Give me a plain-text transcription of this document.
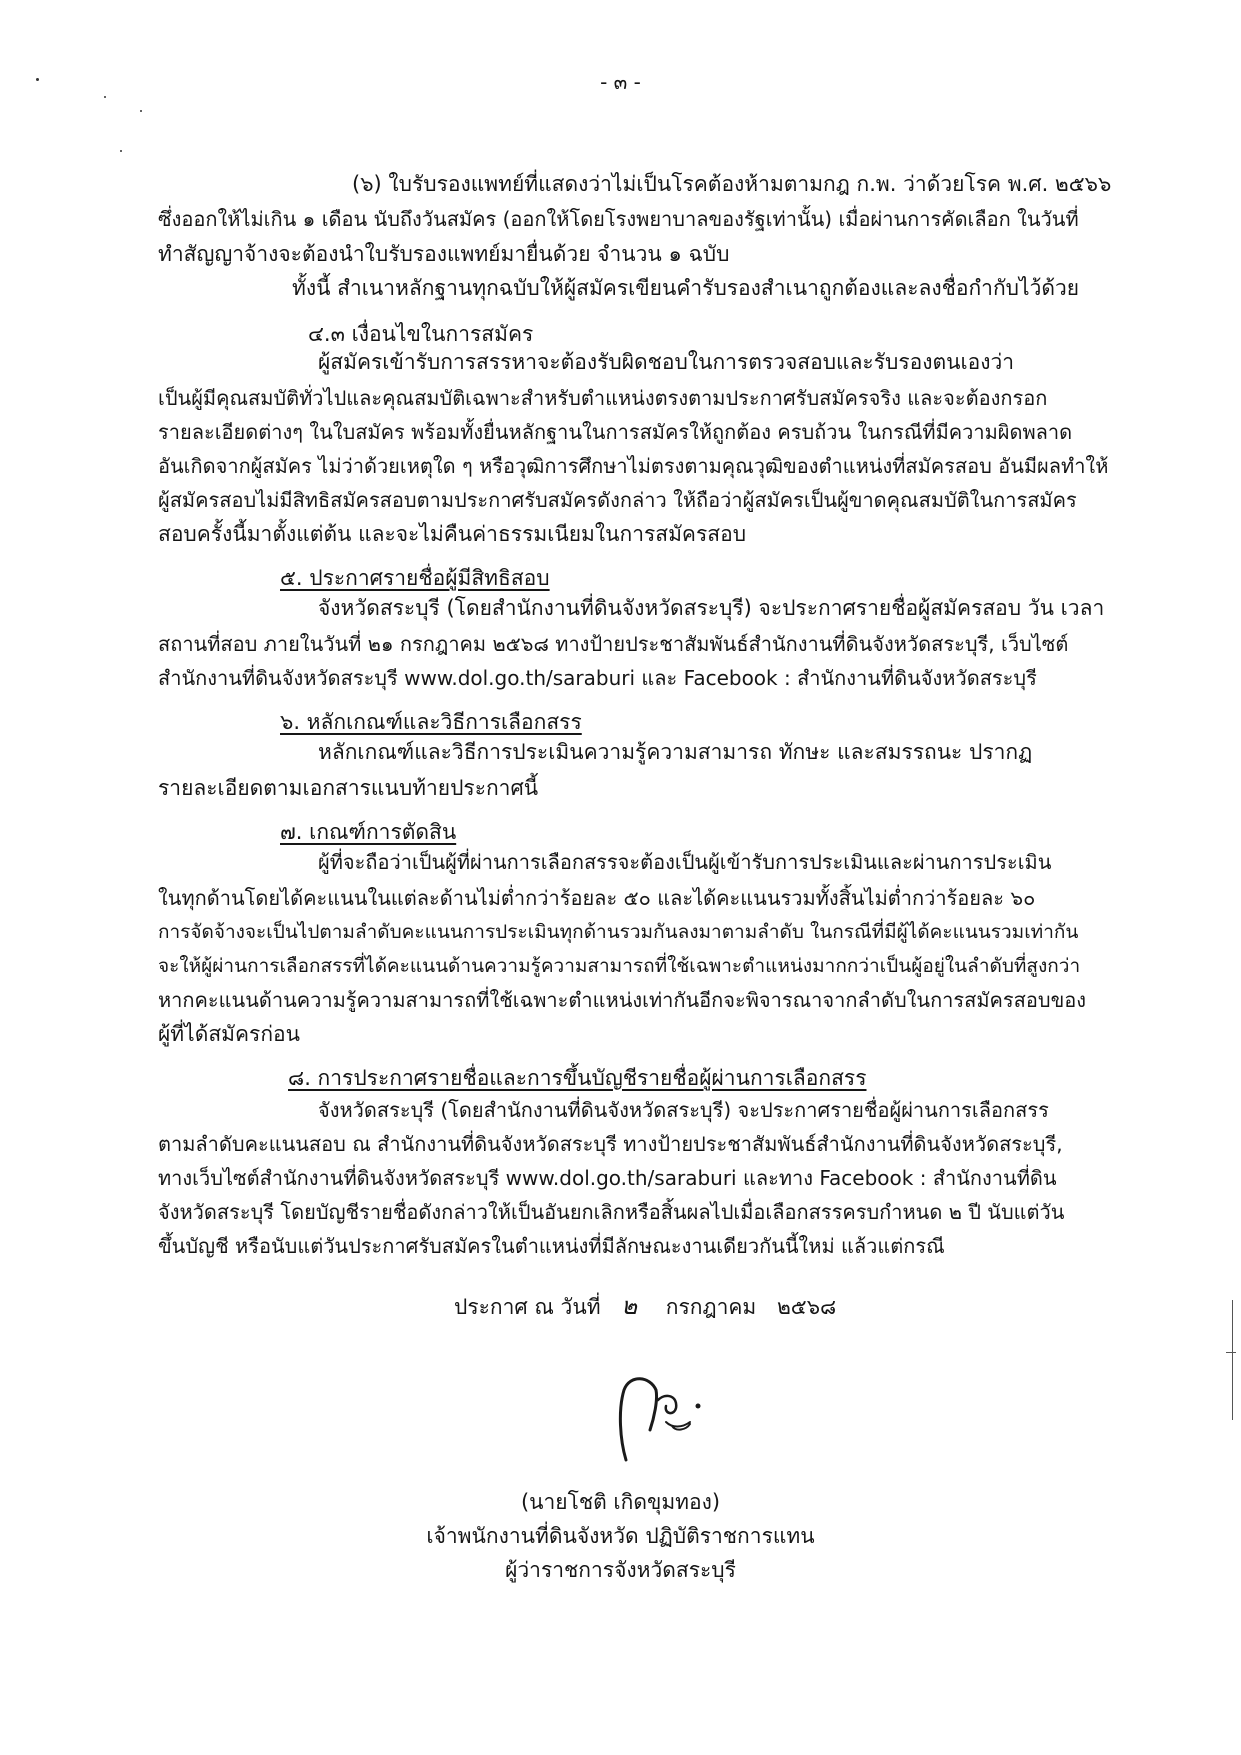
- ๓ -
(๖) ใบรับรองแพทย์ที่แสดงว่าไม่เป็นโรคต้องห้ามตามกฎ ก.พ. ว่าด้วยโรค พ.ศ. ๒๕๖๖
ซึ่งออกให้ไม่เกิน ๑ เดือน นับถึงวันสมัคร (ออกให้โดยโรงพยาบาลของรัฐเท่านั้น) เมื่อผ่านการคัดเลือก ในวันที่
ทำสัญญาจ้างจะต้องนำใบรับรองแพทย์มายื่นด้วย จำนวน ๑ ฉบับ
ทั้งนี้ สำเนาหลักฐานทุกฉบับให้ผู้สมัครเขียนคำรับรองสำเนาถูกต้องและลงชื่อกำกับไว้ด้วย
๔.๓ เงื่อนไขในการสมัคร
ผู้สมัครเข้ารับการสรรหาจะต้องรับผิดชอบในการตรวจสอบและรับรองตนเองว่า
เป็นผู้มีคุณสมบัติทั่วไปและคุณสมบัติเฉพาะสำหรับตำแหน่งตรงตามประกาศรับสมัครจริง และจะต้องกรอก
รายละเอียดต่างๆ ในใบสมัคร พร้อมทั้งยื่นหลักฐานในการสมัครให้ถูกต้อง ครบถ้วน ในกรณีที่มีความผิดพลาด
อันเกิดจากผู้สมัคร ไม่ว่าด้วยเหตุใด ๆ หรือวุฒิการศึกษาไม่ตรงตามคุณวุฒิของตำแหน่งที่สมัครสอบ อันมีผลทำให้
ผู้สมัครสอบไม่มีสิทธิสมัครสอบตามประกาศรับสมัครดังกล่าว ให้ถือว่าผู้สมัครเป็นผู้ขาดคุณสมบัติในการสมัคร
สอบครั้งนี้มาตั้งแต่ต้น และจะไม่คืนค่าธรรมเนียมในการสมัครสอบ
๕. ประกาศรายชื่อผู้มีสิทธิสอบ
จังหวัดสระบุรี (โดยสำนักงานที่ดินจังหวัดสระบุรี) จะประกาศรายชื่อผู้สมัครสอบ วัน เวลา
สถานที่สอบ ภายในวันที่ ๒๑ กรกฎาคม ๒๕๖๘ ทางป้ายประชาสัมพันธ์สำนักงานที่ดินจังหวัดสระบุรี, เว็บไซต์
สำนักงานที่ดินจังหวัดสระบุรี www.dol.go.th/saraburi และ Facebook : สำนักงานที่ดินจังหวัดสระบุรี
๖. หลักเกณฑ์และวิธีการเลือกสรร
หลักเกณฑ์และวิธีการประเมินความรู้ความสามารถ ทักษะ และสมรรถนะ ปรากฏ
รายละเอียดตามเอกสารแนบท้ายประกาศนี้
๗. เกณฑ์การตัดสิน
ผู้ที่จะถือว่าเป็นผู้ที่ผ่านการเลือกสรรจะต้องเป็นผู้เข้ารับการประเมินและผ่านการประเมิน
ในทุกด้านโดยได้คะแนนในแต่ละด้านไม่ต่ำกว่าร้อยละ ๕๐ และได้คะแนนรวมทั้งสิ้นไม่ต่ำกว่าร้อยละ ๖๐
การจัดจ้างจะเป็นไปตามลำดับคะแนนการประเมินทุกด้านรวมกันลงมาตามลำดับ ในกรณีที่มีผู้ได้คะแนนรวมเท่ากัน
จะให้ผู้ผ่านการเลือกสรรที่ได้คะแนนด้านความรู้ความสามารถที่ใช้เฉพาะตำแหน่งมากกว่าเป็นผู้อยู่ในลำดับที่สูงกว่า
หากคะแนนด้านความรู้ความสามารถที่ใช้เฉพาะตำแหน่งเท่ากันอีกจะพิจารณาจากลำดับในการสมัครสอบของ
ผู้ที่ได้สมัครก่อน
๘. การประกาศรายชื่อและการขึ้นบัญชีรายชื่อผู้ผ่านการเลือกสรร
จังหวัดสระบุรี (โดยสำนักงานที่ดินจังหวัดสระบุรี) จะประกาศรายชื่อผู้ผ่านการเลือกสรร
ตามลำดับคะแนนสอบ ณ สำนักงานที่ดินจังหวัดสระบุรี ทางป้ายประชาสัมพันธ์สำนักงานที่ดินจังหวัดสระบุรี,
ทางเว็บไซต์สำนักงานที่ดินจังหวัดสระบุรี www.dol.go.th/saraburi และทาง Facebook : สำนักงานที่ดิน
จังหวัดสระบุรี โดยบัญชีรายชื่อดังกล่าวให้เป็นอันยกเลิกหรือสิ้นผลไปเมื่อเลือกสรรครบกำหนด ๒ ปี นับแต่วัน
ขึ้นบัญชี หรือนับแต่วันประกาศรับสมัครในตำแหน่งที่มีลักษณะงานเดียวกันนี้ใหม่ แล้วแต่กรณี
ประกาศ ณ วันที่ ๒ กรกฎาคม ๒๕๖๘
(นายโชติ เกิดขุมทอง)
เจ้าพนักงานที่ดินจังหวัด ปฏิบัติราชการแทน
ผู้ว่าราชการจังหวัดสระบุรี
